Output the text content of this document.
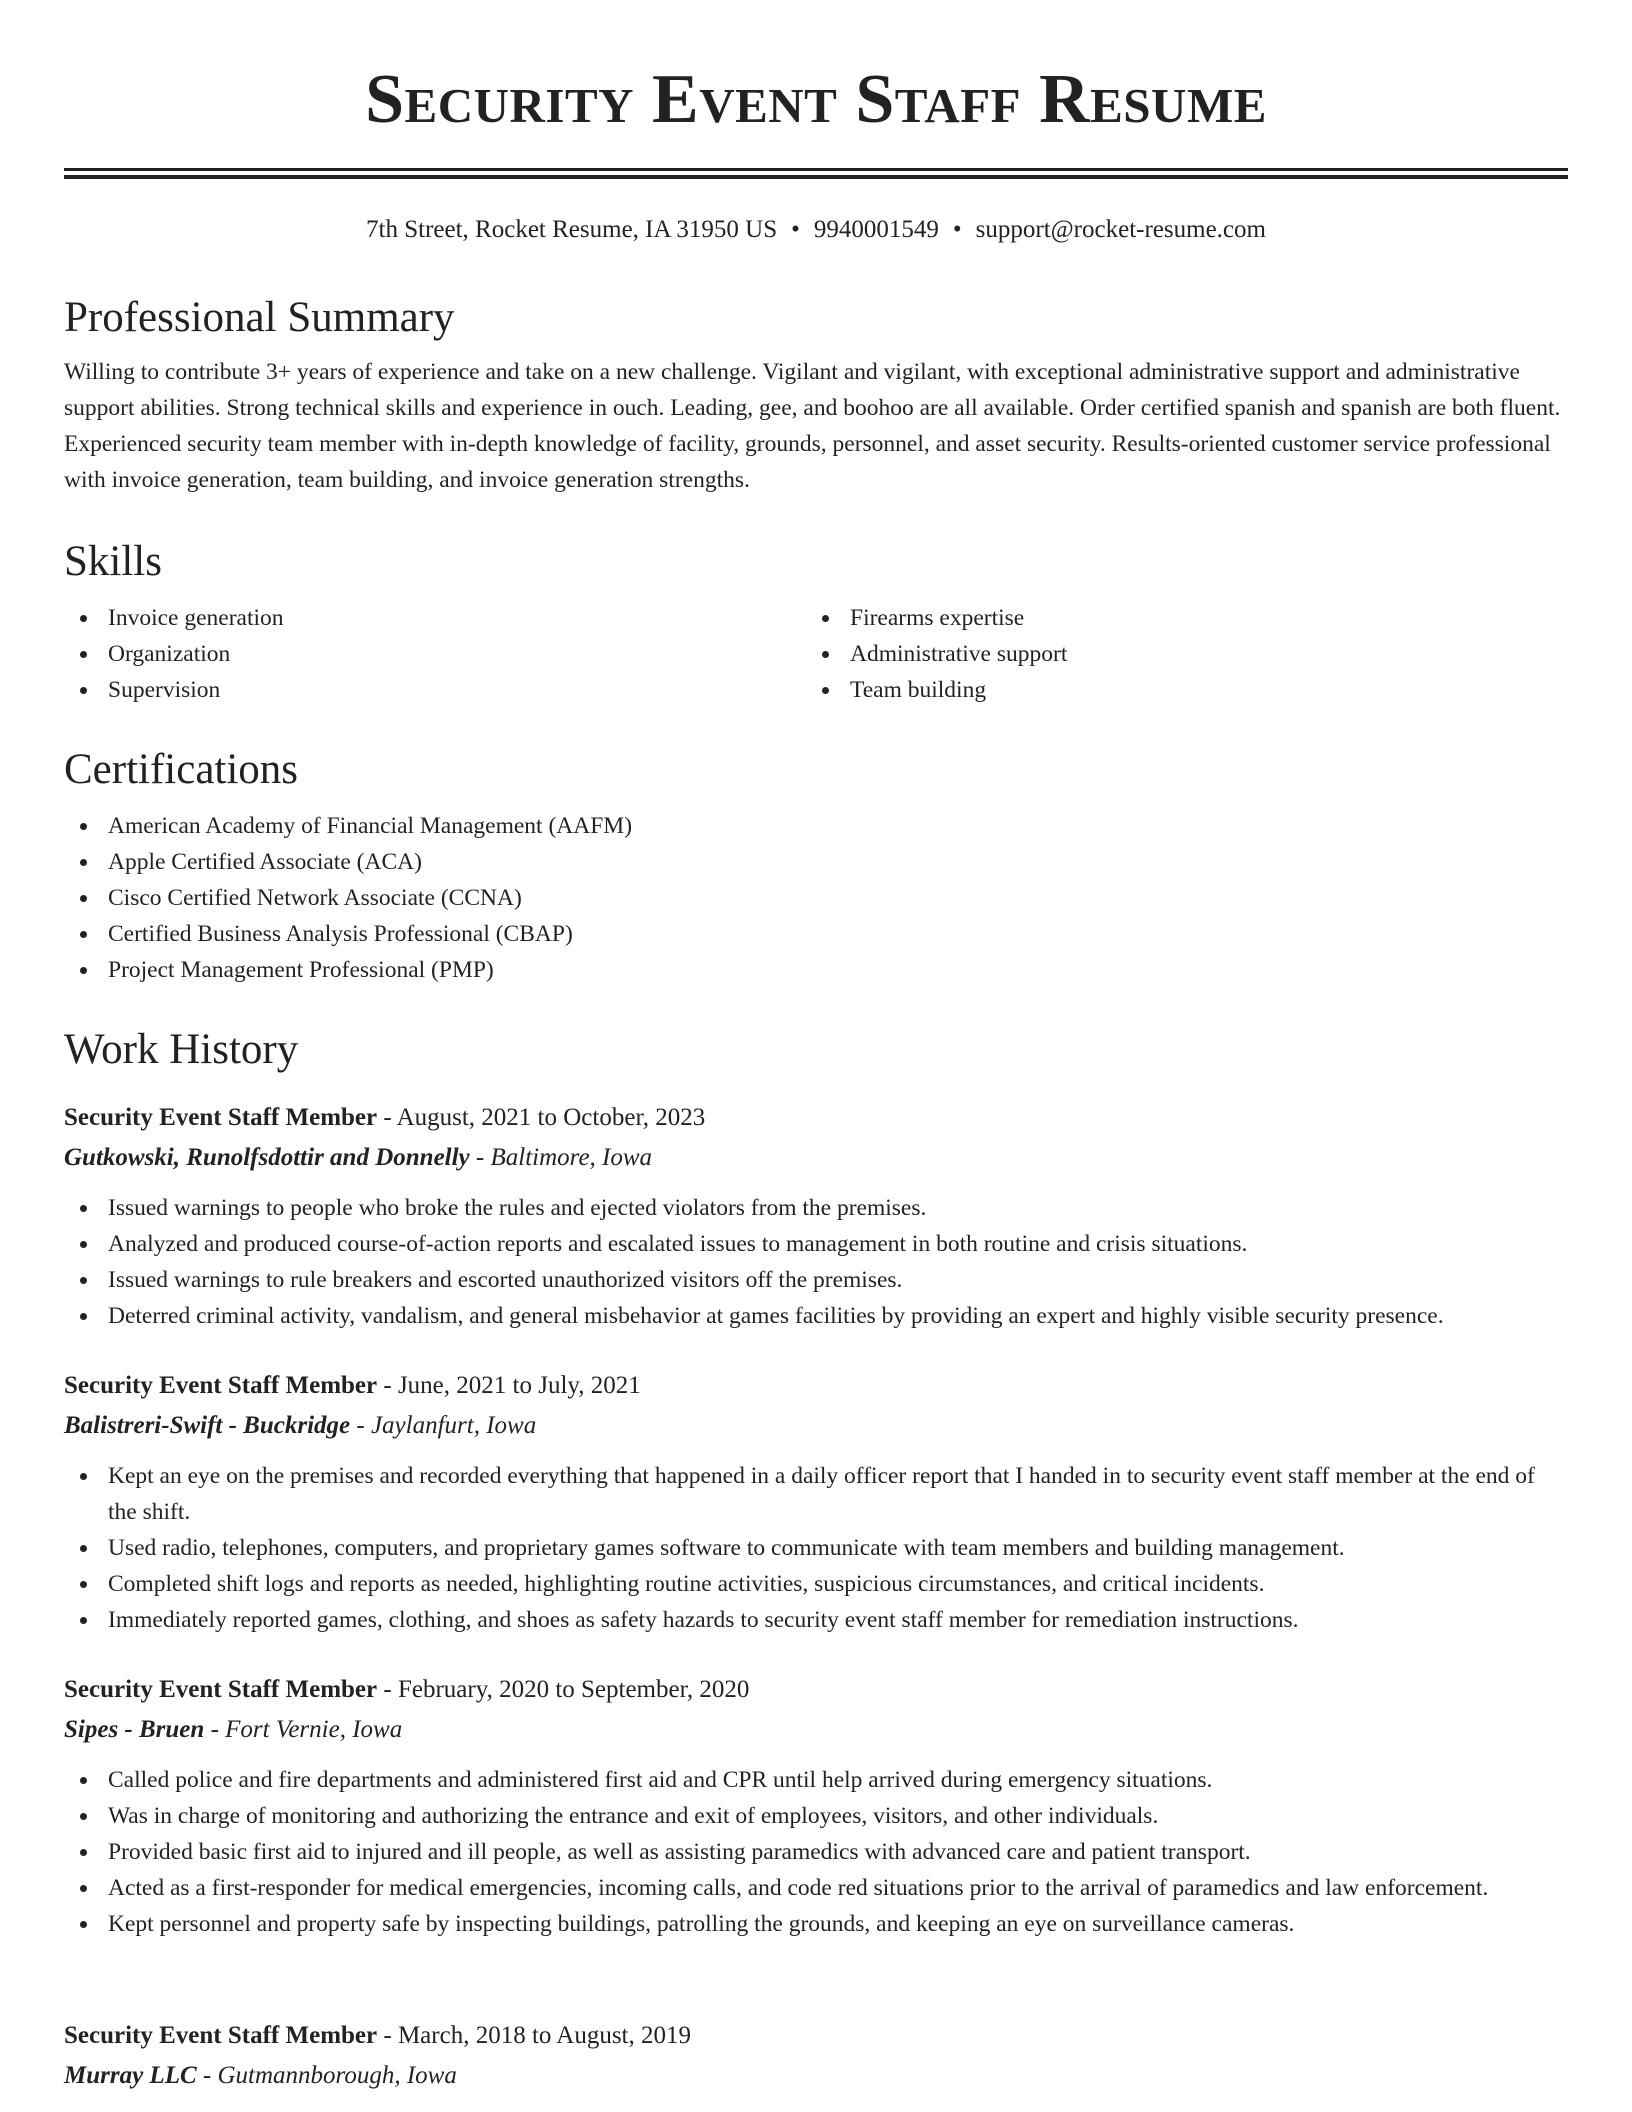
Security Event Staff Resume
7th Street, Rocket Resume, IA 31950 US • 9940001549 • support@rocket-resume.com
Professional Summary

Willing to contribute 3+ years of experience and take on a new challenge. Vigilant and vigilant, with exceptional administrative support and administrative support abilities. Strong technical skills and experience in ouch. Leading, gee, and boohoo are all available. Order certified spanish and spanish are both fluent. Experienced security team member with in-depth knowledge of facility, grounds, personnel, and asset security. Results-oriented customer service professional with invoice generation, team building, and invoice generation strengths.

Skills
Invoice generation
Organization
Supervision
Firearms expertise
Administrative support
Team building
Certifications
American Academy of Financial Management (AAFM)
Apple Certified Associate (ACA)
Cisco Certified Network Associate (CCNA)
Certified Business Analysis Professional (CBAP)
Project Management Professional (PMP)
Work History
Security Event Staff Member - August, 2021 to October, 2023
Gutkowski, Runolfsdottir and Donnelly - Baltimore, Iowa
Issued warnings to people who broke the rules and ejected violators from the premises.
Analyzed and produced course-of-action reports and escalated issues to management in both routine and crisis situations.
Issued warnings to rule breakers and escorted unauthorized visitors off the premises.
Deterred criminal activity, vandalism, and general misbehavior at games facilities by providing an expert and highly visible security presence.
Security Event Staff Member - June, 2021 to July, 2021
Balistreri-Swift - Buckridge - Jaylanfurt, Iowa
Kept an eye on the premises and recorded everything that happened in a daily officer report that I handed in to security event staff member at the end of the shift.
Used radio, telephones, computers, and proprietary games software to communicate with team members and building management.
Completed shift logs and reports as needed, highlighting routine activities, suspicious circumstances, and critical incidents.
Immediately reported games, clothing, and shoes as safety hazards to security event staff member for remediation instructions.
Security Event Staff Member - February, 2020 to September, 2020
Sipes - Bruen - Fort Vernie, Iowa
Called police and fire departments and administered first aid and CPR until help arrived during emergency situations.
Was in charge of monitoring and authorizing the entrance and exit of employees, visitors, and other individuals.
Provided basic first aid to injured and ill people, as well as assisting paramedics with advanced care and patient transport.
Acted as a first-responder for medical emergencies, incoming calls, and code red situations prior to the arrival of paramedics and law enforcement.
Kept personnel and property safe by inspecting buildings, patrolling the grounds, and keeping an eye on surveillance cameras.
Security Event Staff Member - March, 2018 to August, 2019
Murray LLC - Gutmannborough, Iowa
